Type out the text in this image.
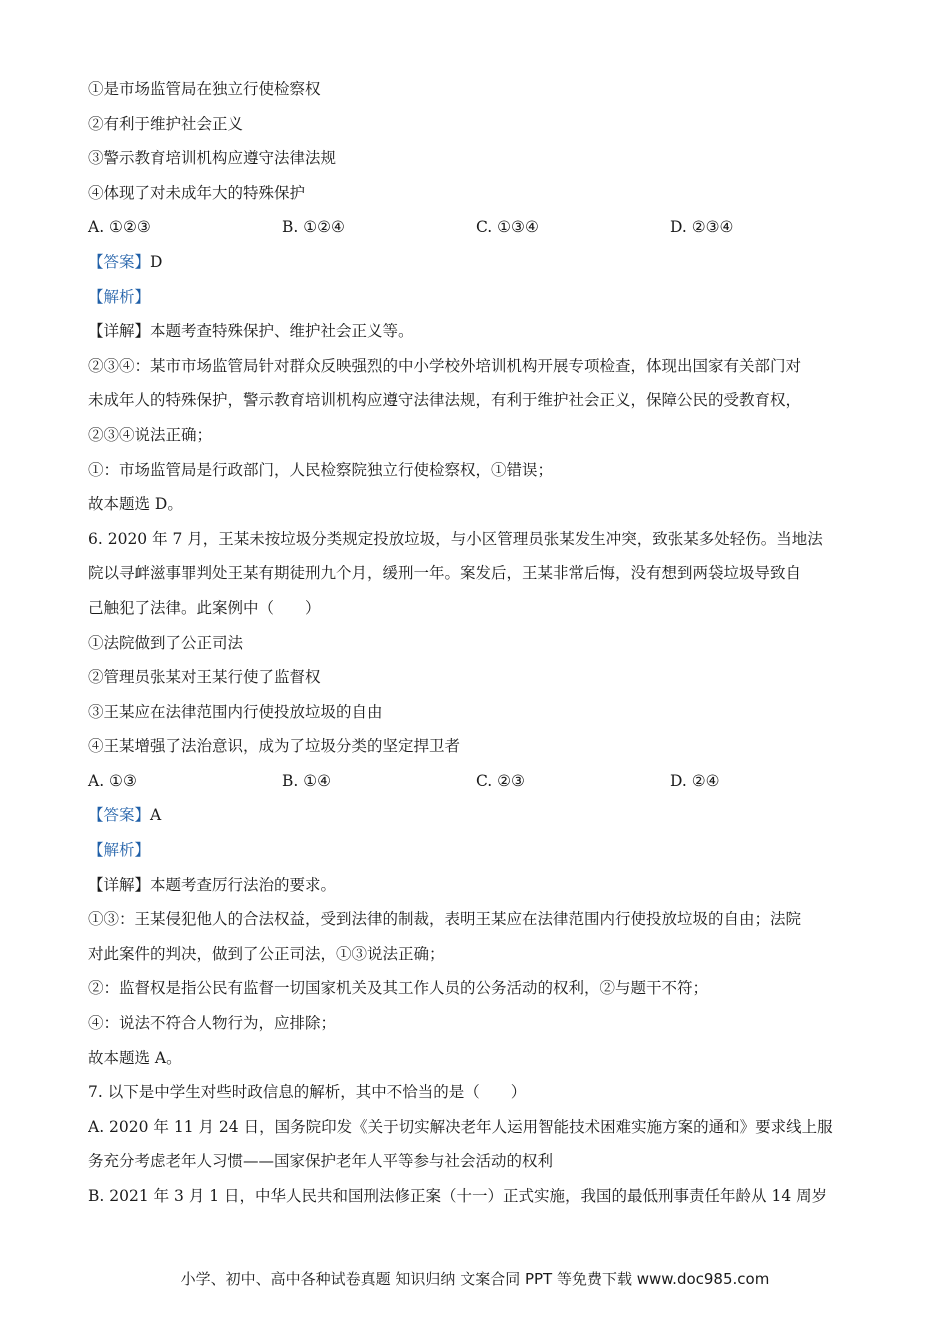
①是市场监管局在独立行使检察权
②有利于维护社会正义
③警示教育培训机构应遵守法律法规
④体现了对未成年大的特殊保护
A. ①②③	B. ①②④	C. ①③④	D. ②③④
【答案】D
【解析】
【详解】本题考查特殊保护、维护社会正义等。
②③④：某市市场监管局针对群众反映强烈的中小学校外培训机构开展专项检查，体现出国家有关部门对
未成年人的特殊保护，警示教育培训机构应遵守法律法规，有利于维护社会正义，保障公民的受教育权，
②③④说法正确；
①：市场监管局是行政部门，人民检察院独立行使检察权，①错误；
故本题选 D。
6. 2020 年 7 月，王某未按垃圾分类规定投放垃圾，与小区管理员张某发生冲突，致张某多处轻伤。当地法
院以寻衅滋事罪判处王某有期徒刑九个月，缓刑一年。案发后，王某非常后悔，没有想到两袋垃圾导致自
己触犯了法律。此案例中（　　）
①法院做到了公正司法
②管理员张某对王某行使了监督权
③王某应在法律范围内行使投放垃圾的自由
④王某增强了法治意识，成为了垃圾分类的坚定捍卫者
A. ①③	B. ①④	C. ②③	D. ②④
【答案】A
【解析】
【详解】本题考查厉行法治的要求。
①③：王某侵犯他人的合法权益，受到法律的制裁，表明王某应在法律范围内行使投放垃圾的自由；法院
对此案件的判决，做到了公正司法，①③说法正确；
②：监督权是指公民有监督一切国家机关及其工作人员的公务活动的权利，②与题干不符；
④：说法不符合人物行为，应排除；
故本题选 A。
7. 以下是中学生对些时政信息的解析，其中不恰当的是（　　）
A. 2020 年 11 月 24 日，国务院印发《关于切实解决老年人运用智能技术困难实施方案的通和》要求线上服
务充分考虑老年人习惯——国家保护老年人平等参与社会活动的权利
B. 2021 年 3 月 1 日，中华人民共和国刑法修正案（十一）正式实施，我国的最低刑事责任年龄从 14 周岁
小学、初中、高中各种试卷真题 知识归纳 文案合同 PPT 等免费下载 www.doc985.com
